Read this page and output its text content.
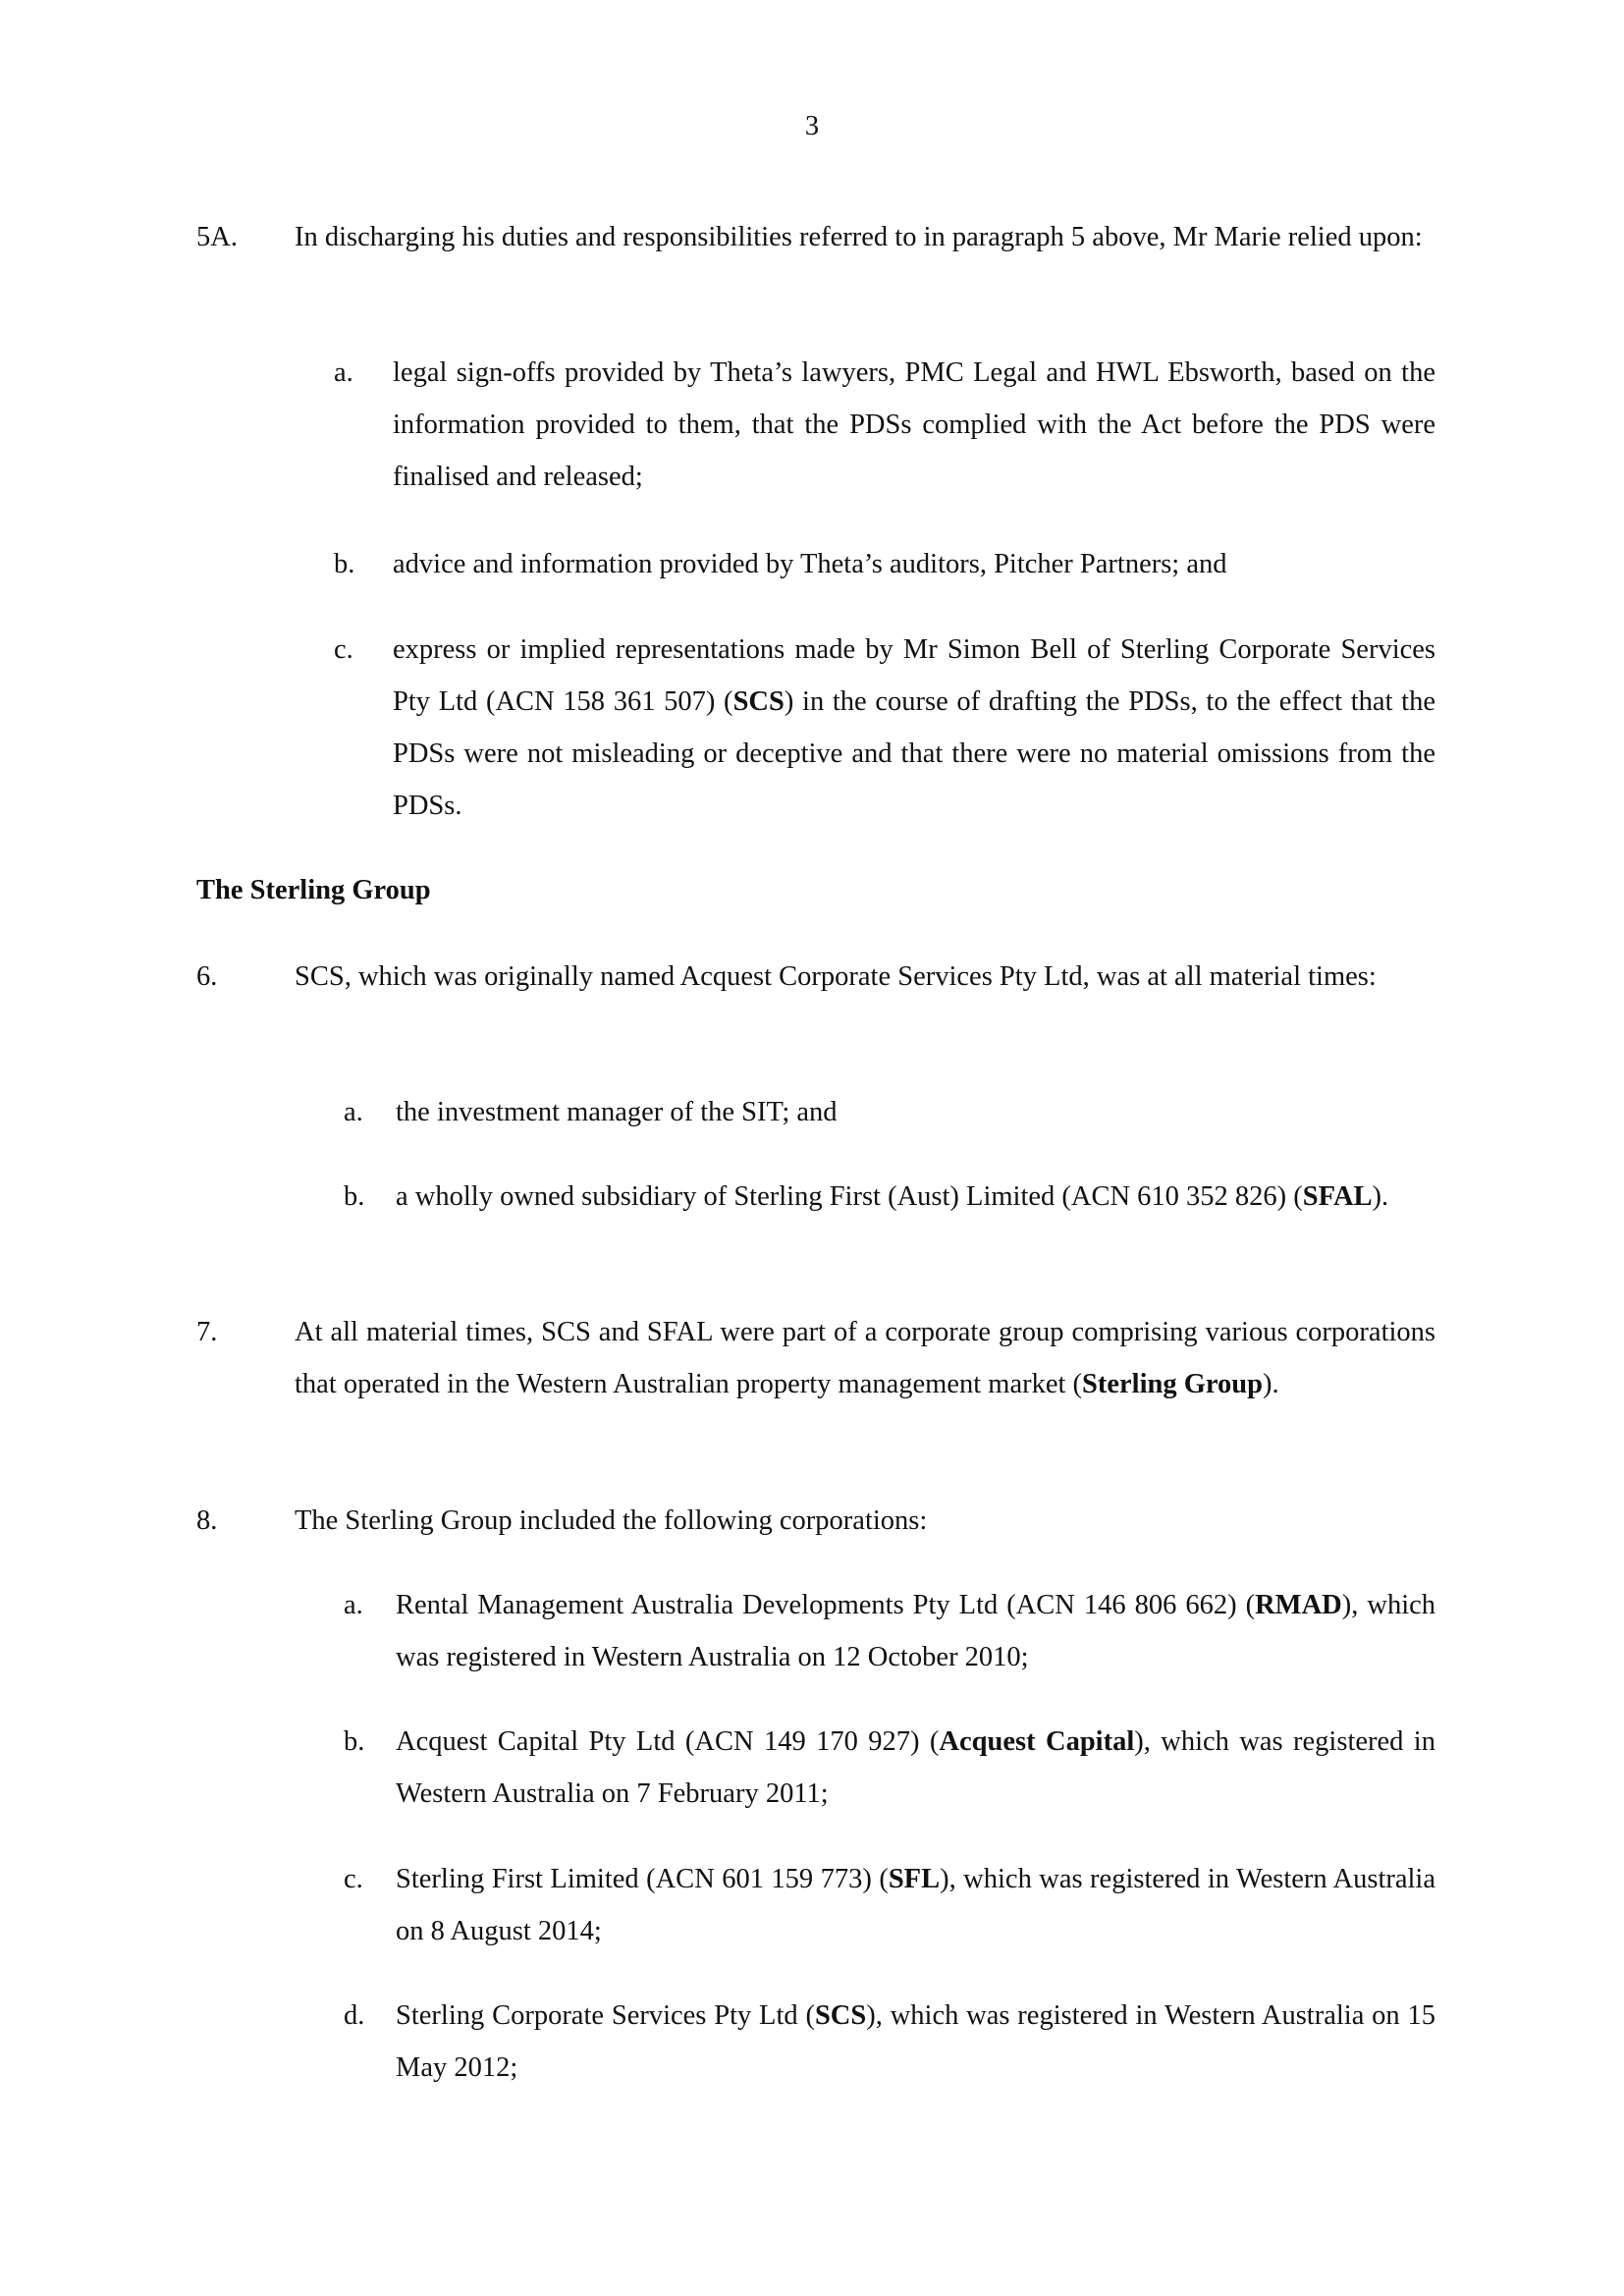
3
5A.	In discharging his duties and responsibilities referred to in paragraph 5 above, Mr Marie relied upon:

a.	legal sign-offs provided by Theta’s lawyers, PMC Legal and HWL Ebsworth, based on the information provided to them, that the PDSs complied with the Act before the PDS were finalised and released;

b.	advice and information provided by Theta’s auditors, Pitcher Partners; and

c.	express or implied representations made by Mr Simon Bell of Sterling Corporate Services Pty Ltd (ACN 158 361 507) (SCS) in the course of drafting the PDSs, to the effect that the PDSs were not misleading or deceptive and that there were no material omissions from the PDSs.

The Sterling Group
6.	SCS, which was originally named Acquest Corporate Services Pty Ltd, was at all material times:

a.	the investment manager of the SIT; and

b.	a wholly owned subsidiary of Sterling First (Aust) Limited (ACN 610 352 826) (SFAL).

7.	At all material times, SCS and SFAL were part of a corporate group comprising various corporations that operated in the Western Australian property management market (Sterling Group).

8.	The Sterling Group included the following corporations:

a.	Rental Management Australia Developments Pty Ltd (ACN 146 806 662) (RMAD), which was registered in Western Australia on 12 October 2010;

b.	Acquest Capital Pty Ltd (ACN 149 170 927) (Acquest Capital), which was registered in Western Australia on 7 February 2011;

c.	Sterling First Limited (ACN 601 159 773) (SFL), which was registered in Western Australia on 8 August 2014;

d.	Sterling Corporate Services Pty Ltd (SCS), which was registered in Western Australia on 15 May 2012;
